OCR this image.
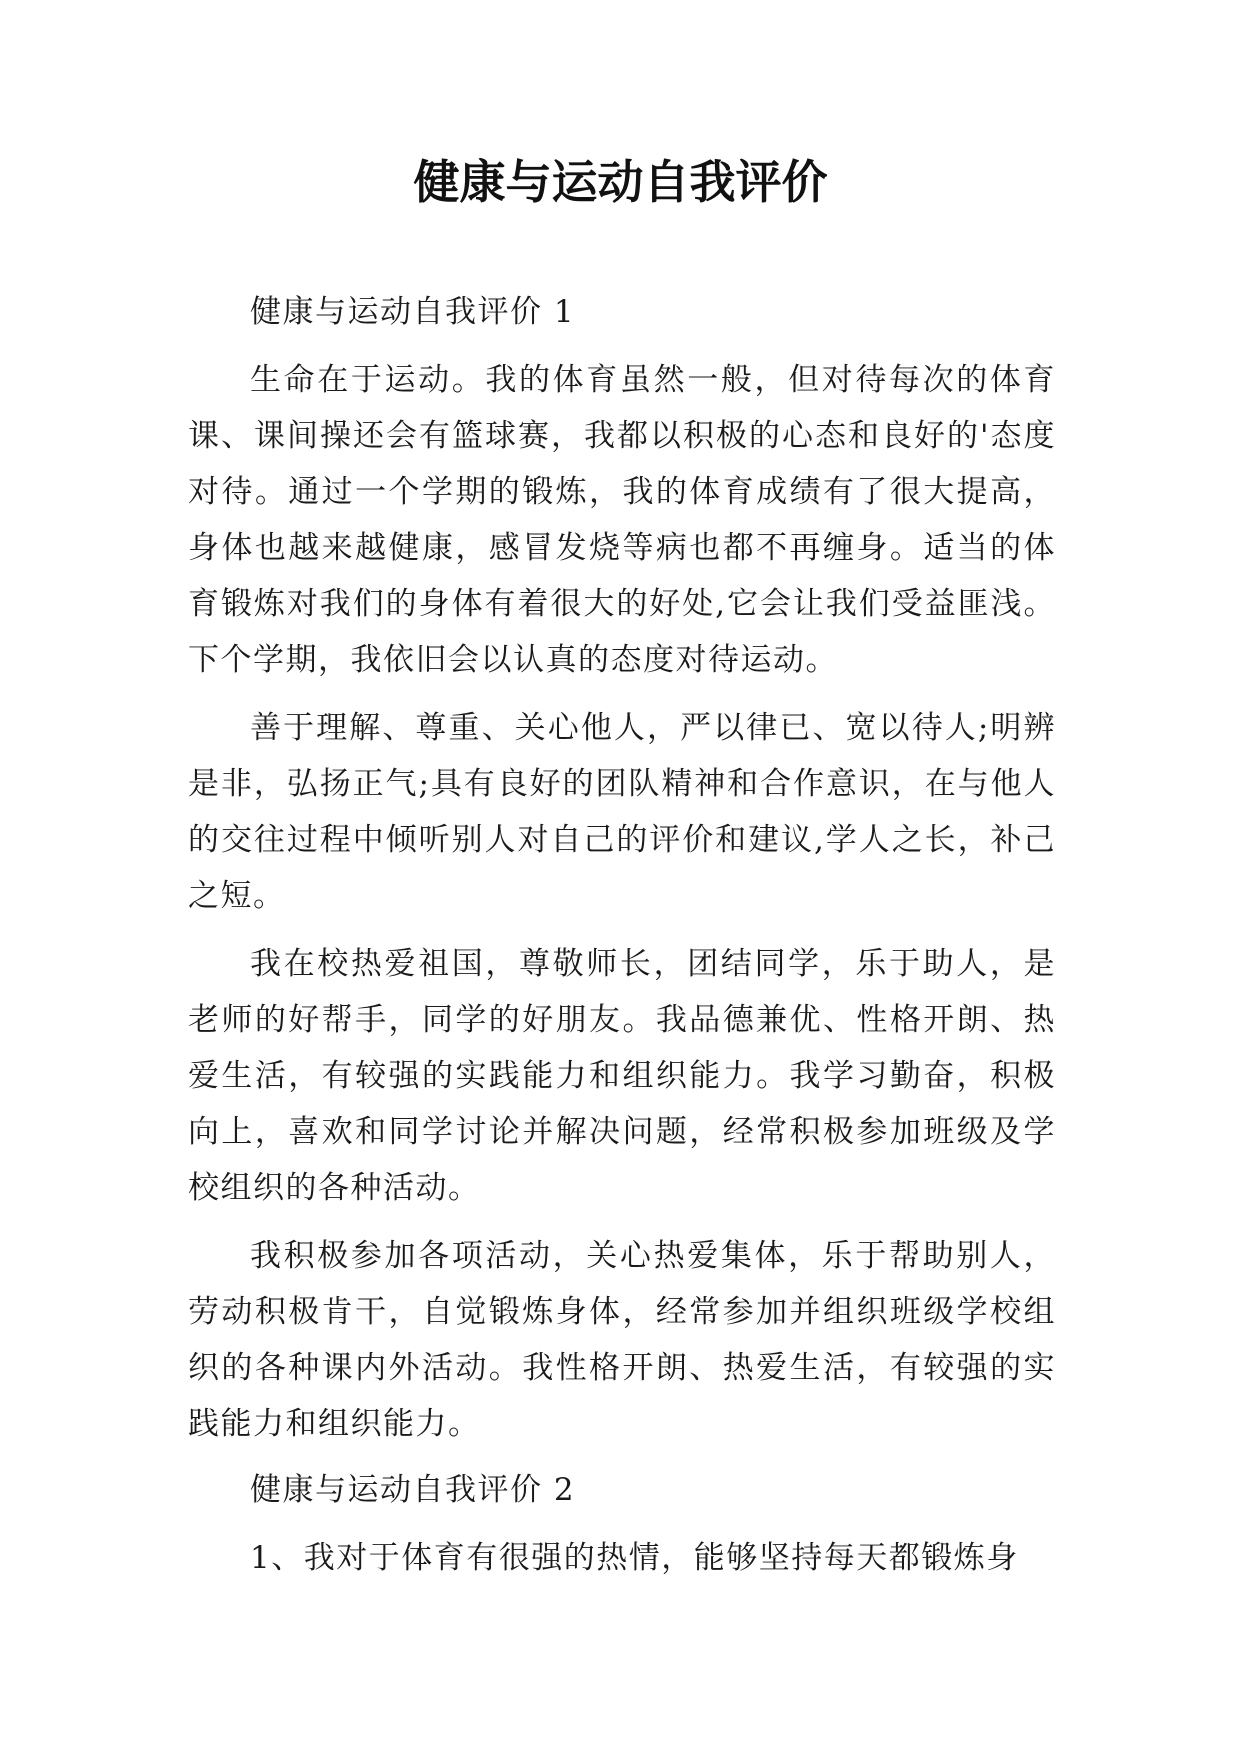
健康与运动自我评价

健康与运动自我评价 1

生命在于运动。我的体育虽然一般，但对待每次的体育课、课间操还会有篮球赛，我都以积极的心态和良好的'态度对待。通过一个学期的锻炼，我的体育成绩有了很大提高，身体也越来越健康，感冒发烧等病也都不再缠身。适当的体育锻炼对我们的身体有着很大的好处,它会让我们受益匪浅。下个学期，我依旧会以认真的态度对待运动。

善于理解、尊重、关心他人，严以律已、宽以待人;明辨是非，弘扬正气;具有良好的团队精神和合作意识，在与他人的交往过程中倾听别人对自己的评价和建议,学人之长，补己之短。

我在校热爱祖国，尊敬师长，团结同学，乐于助人，是老师的好帮手，同学的好朋友。我品德兼优、性格开朗、热爱生活，有较强的实践能力和组织能力。我学习勤奋，积极向上，喜欢和同学讨论并解决问题，经常积极参加班级及学校组织的各种活动。

我积极参加各项活动，关心热爱集体，乐于帮助别人，劳动积极肯干，自觉锻炼身体，经常参加并组织班级学校组织的各种课内外活动。我性格开朗、热爱生活，有较强的实践能力和组织能力。

健康与运动自我评价 2

1、我对于体育有很强的热情，能够坚持每天都锻炼身
